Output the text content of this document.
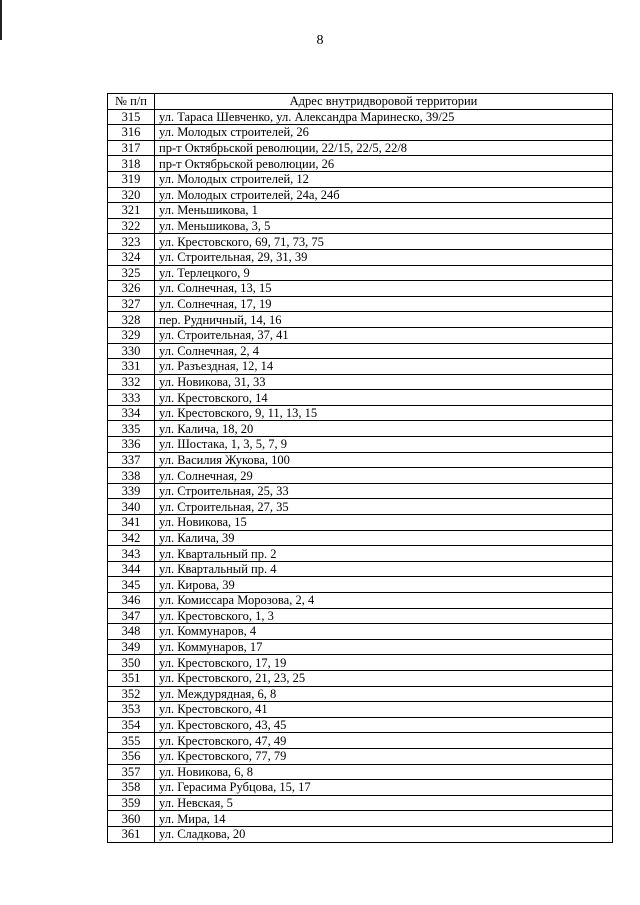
8
№ п/п	Адрес внутридворовой территории
315	ул. Тараса Шевченко, ул. Александра Маринеско, 39/25
316	ул. Молодых строителей, 26
317	пр-т Октябрьской революции, 22/15, 22/5, 22/8
318	пр-т Октябрьской революции, 26
319	ул. Молодых строителей, 12
320	ул. Молодых строителей, 24а, 24б
321	ул. Меньшикова, 1
322	ул. Меньшикова, 3, 5
323	ул. Крестовского, 69, 71, 73, 75
324	ул. Строительная, 29, 31, 39
325	ул. Терлецкого, 9
326	ул. Солнечная, 13, 15
327	ул. Солнечная, 17, 19
328	пер. Рудничный, 14, 16
329	ул. Строительная, 37, 41
330	ул. Солнечная, 2, 4
331	ул. Разъездная, 12, 14
332	ул. Новикова, 31, 33
333	ул. Крестовского, 14
334	ул. Крестовского, 9, 11, 13, 15
335	ул. Калича, 18, 20
336	ул. Шостака, 1, 3, 5, 7, 9
337	ул. Василия Жукова, 100
338	ул. Солнечная, 29
339	ул. Строительная, 25, 33
340	ул. Строительная, 27, 35
341	ул. Новикова, 15
342	ул. Калича, 39
343	ул. Квартальный пр. 2
344	ул. Квартальный пр. 4
345	ул. Кирова, 39
346	ул. Комиссара Морозова, 2, 4
347	ул. Крестовского, 1, 3
348	ул. Коммунаров, 4
349	ул. Коммунаров, 17
350	ул. Крестовского, 17, 19
351	ул. Крестовского, 21, 23, 25
352	ул. Междурядная, 6, 8
353	ул. Крестовского, 41
354	ул. Крестовского, 43, 45
355	ул. Крестовского, 47, 49
356	ул. Крестовского, 77, 79
357	ул. Новикова, 6, 8
358	ул. Герасима Рубцова, 15, 17
359	ул. Невская, 5
360	ул. Мира, 14
361	ул. Сладкова, 20
